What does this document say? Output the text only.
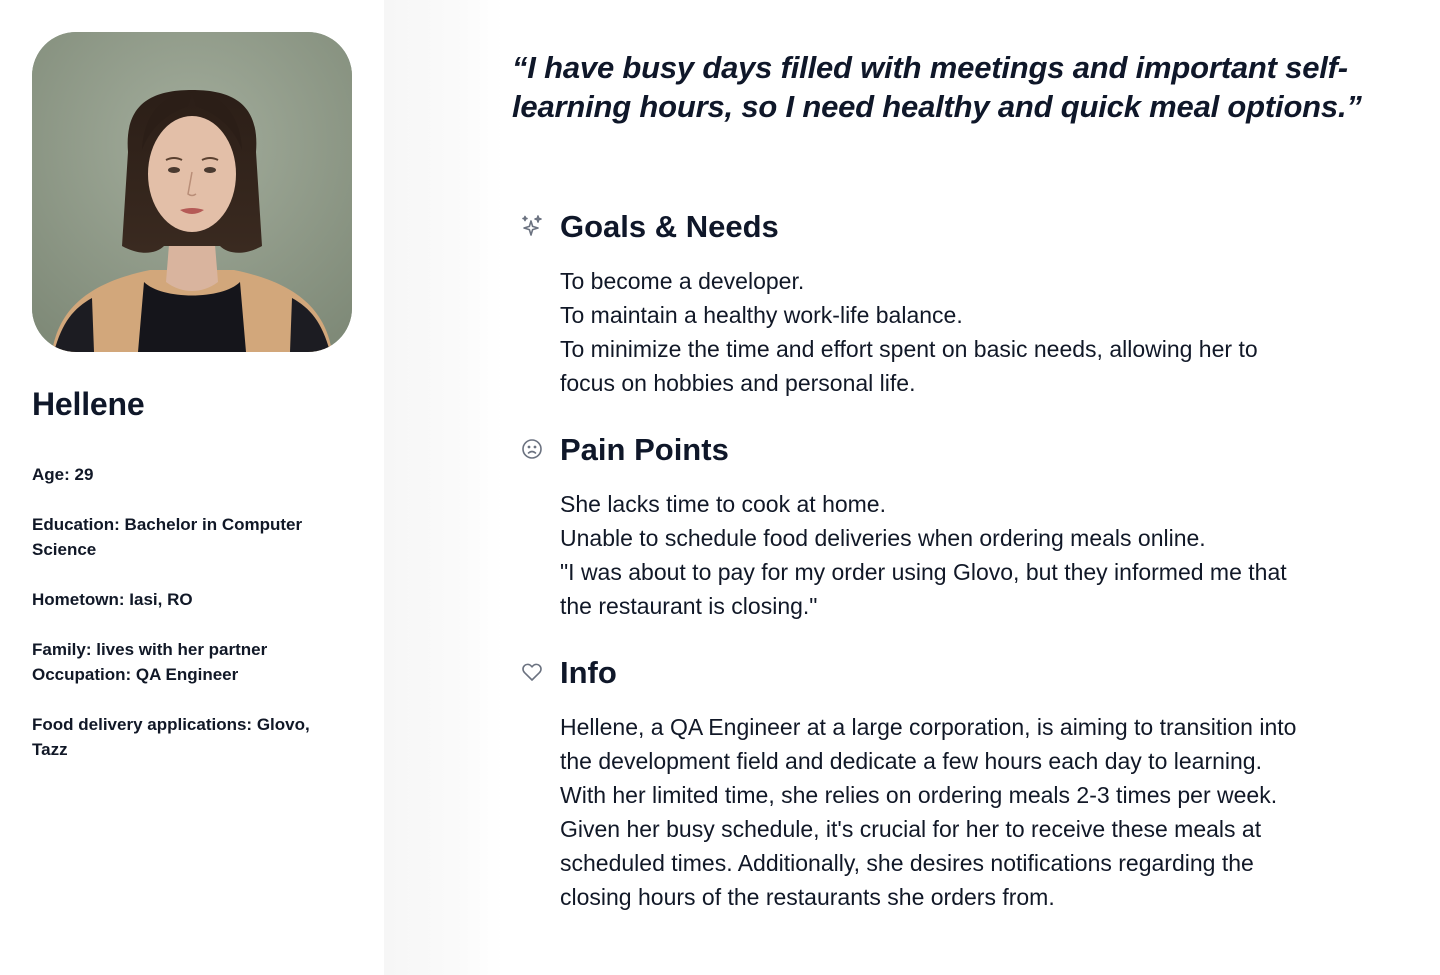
Hellene

Age: 29

Education: Bachelor in Computer Science

Hometown: Iasi, RO

Family: lives with her partner

Occupation: QA Engineer

Food delivery applications: Glovo, Tazz

“I have busy days filled with meetings and important self-learning hours, so I need healthy and quick meal options.”

Goals & Needs
To become a developer.
To maintain a healthy work-life balance.
To minimize the time and effort spent on basic needs, allowing her to focus on hobbies and personal life.
Pain Points
She lacks time to cook at home.
Unable to schedule food deliveries when ordering meals online.
"I was about to pay for my order using Glovo, but they informed me that the restaurant is closing."
Info
Hellene, a QA Engineer at a large corporation, is aiming to transition into the development field and dedicate a few hours each day to learning. With her limited time, she relies on ordering meals 2-3 times per week. Given her busy schedule, it's crucial for her to receive these meals at scheduled times. Additionally, she desires notifications regarding the closing hours of the restaurants she orders from.
